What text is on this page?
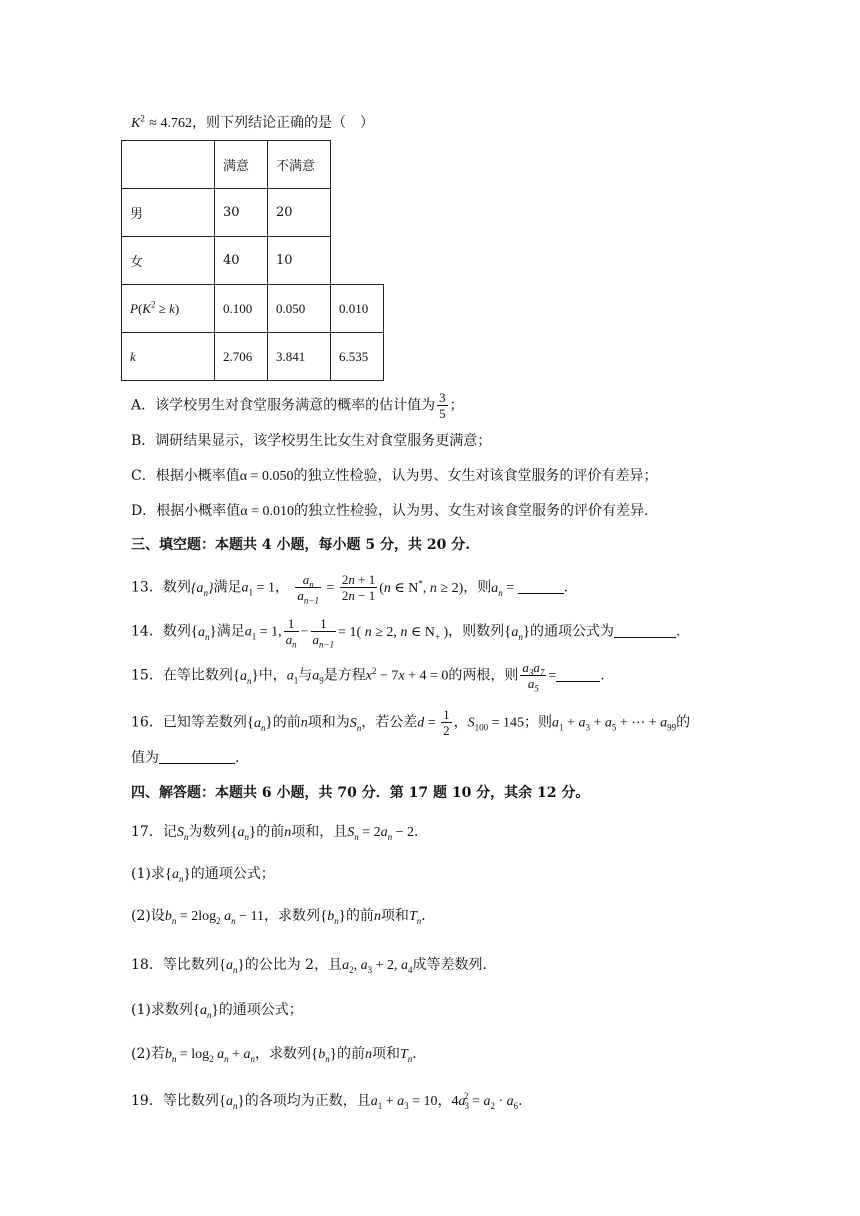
$K^2 \approx 4.762$，则下列结论正确的是（　）
	满意	不满意	
男	30	20	
女	40	10	
$P(K^2 \ge k)$	0.100	0.050	0.010
k	2.706	3.841	6.535
A．该学校男生对食堂服务满意的概率的估计值为 $\frac{3}{5}$ ；
B．调研结果显示，该学校男生比女生对食堂服务更满意；
C．根据小概率值α = 0.050的独立性检验，认为男、女生对该食堂服务的评价有差异；
D．根据小概率值α = 0.010的独立性检验，认为男、女生对该食堂服务的评价有差异.
三、填空题：本题共 4 小题，每小题 5 分，共 20 分.
13．数列$\{a_n\}$满足$a_1 = 1$， $\frac{a_n}{a_{n-1}} = \frac{2n + 1}{2n - 1} (n$ ∈ N*, n ≥ 2)，则$a_n$ =	.
14．数列$\{a_n\}$满足$a_1 = 1$, $\frac{1}{a_n} - \frac{1}{a_{n-1}} = 1$( n ≥ 2, n ∈ $N_+$ )，则数列$\{a_n\}$的通项公式为	.
15．在等比数列$\{a_n\}$中，$a_1$与$a_9$是方程$x^2 - 7x + 4 = 0$的两根，则 $\frac{a_3a_7}{a_5}$ =	.
16．已知等差数列$\{a_n\}$的前n项和为$S_n$，若公差$d = \frac{1}{2}$ ，$S_{100} = 145$；则$a_1 + a_3 + a_5$ + ⋯ + $a_{99}$的
值为	.
四、解答题：本题共 6 小题，共 70 分．第 17 题 10 分，其余 12 分。
17．记$S_n$为数列$\{a_n\}$的前n项和，且$S_n = 2a_n - 2$．
(1)求$\{a_n\}$的通项公式；
(2)设$b_n = 2\log_2$ $a_n - 11$，求数列$\{b_n\}$的前n项和$T_n$．
18．等比数列$\{a_n\}$的公比为 2，且$a_2$, $a_3 + 2$, $a_4$成等差数列.
(1)求数列$\{a_n\}$的通项公式；
(2)若$b_n = \log_2 a_n + a_n$，求数列$\{b_n\}$的前n项和$T_n$.
19．等比数列$\{a_n\}$的各项均为正数，且$a_1 + a_3 = 10$，$4a_3^2 = a_2 \cdot a_6$．
